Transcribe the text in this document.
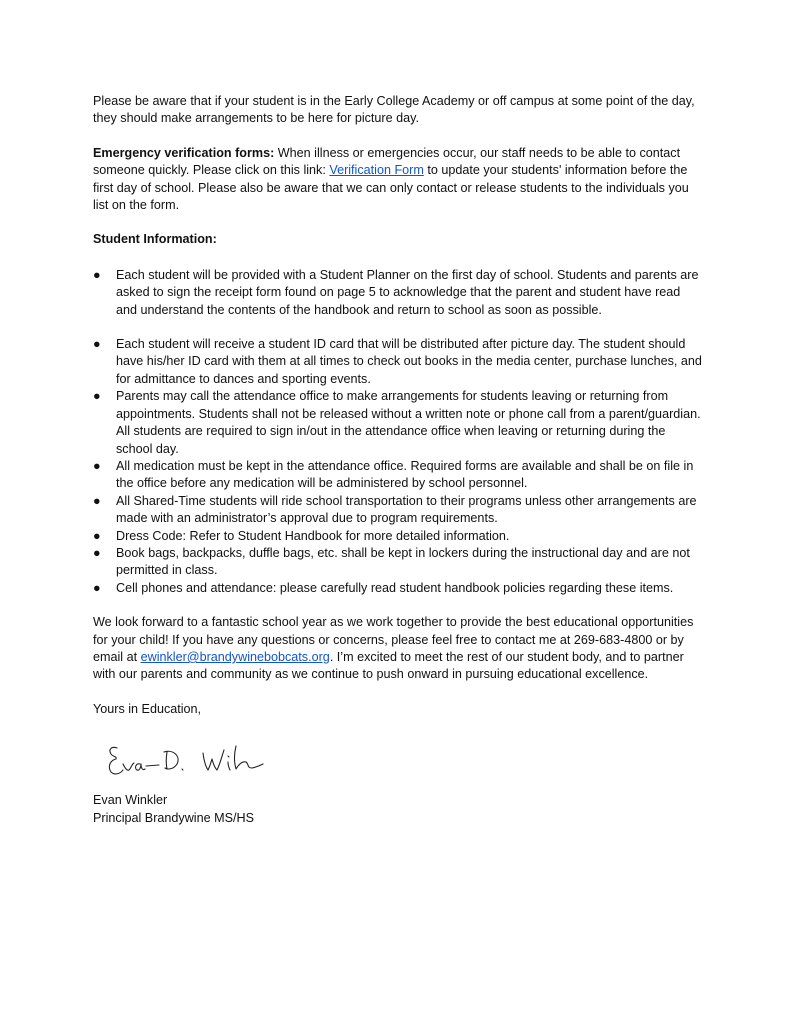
Please be aware that if your student is in the Early College Academy or off campus at some point of the day, they should make arrangements to be here for picture day.

Emergency verification forms: When illness or emergencies occur, our staff needs to be able to contact someone quickly. Please click on this link: Verification Form to update your students' information before the first day of school. Please also be aware that we can only contact or release students to the individuals you list on the form.

Student Information:

● Each student will be provided with a Student Planner on the first day of school. Students and parents are asked to sign the receipt form found on page 5 to acknowledge that the parent and student have read and understand the contents of the handbook and return to school as soon as possible.
● Each student will receive a student ID card that will be distributed after picture day. The student should have his/her ID card with them at all times to check out books in the media center, purchase lunches, and for admittance to dances and sporting events.
● Parents may call the attendance office to make arrangements for students leaving or returning from appointments. Students shall not be released without a written note or phone call from a parent/guardian. All students are required to sign in/out in the attendance office when leaving or returning during the school day.
● All medication must be kept in the attendance office. Required forms are available and shall be on file in the office before any medication will be administered by school personnel.
● All Shared-Time students will ride school transportation to their programs unless other arrangements are made with an administrator’s approval due to program requirements.
● Dress Code: Refer to Student Handbook for more detailed information.
● Book bags, backpacks, duffle bags, etc. shall be kept in lockers during the instructional day and are not permitted in class.
● Cell phones and attendance: please carefully read student handbook policies regarding these items.

We look forward to a fantastic school year as we work together to provide the best educational opportunities for your child! If you have any questions or concerns, please feel free to contact me at 269-683-4800 or by email at ewinkler@brandywinebobcats.org. I’m excited to meet the rest of our student body, and to partner with our parents and community as we continue to push onward in pursuing educational excellence.

Yours in Education,

Evan Winkler

Principal Brandywine MS/HS
